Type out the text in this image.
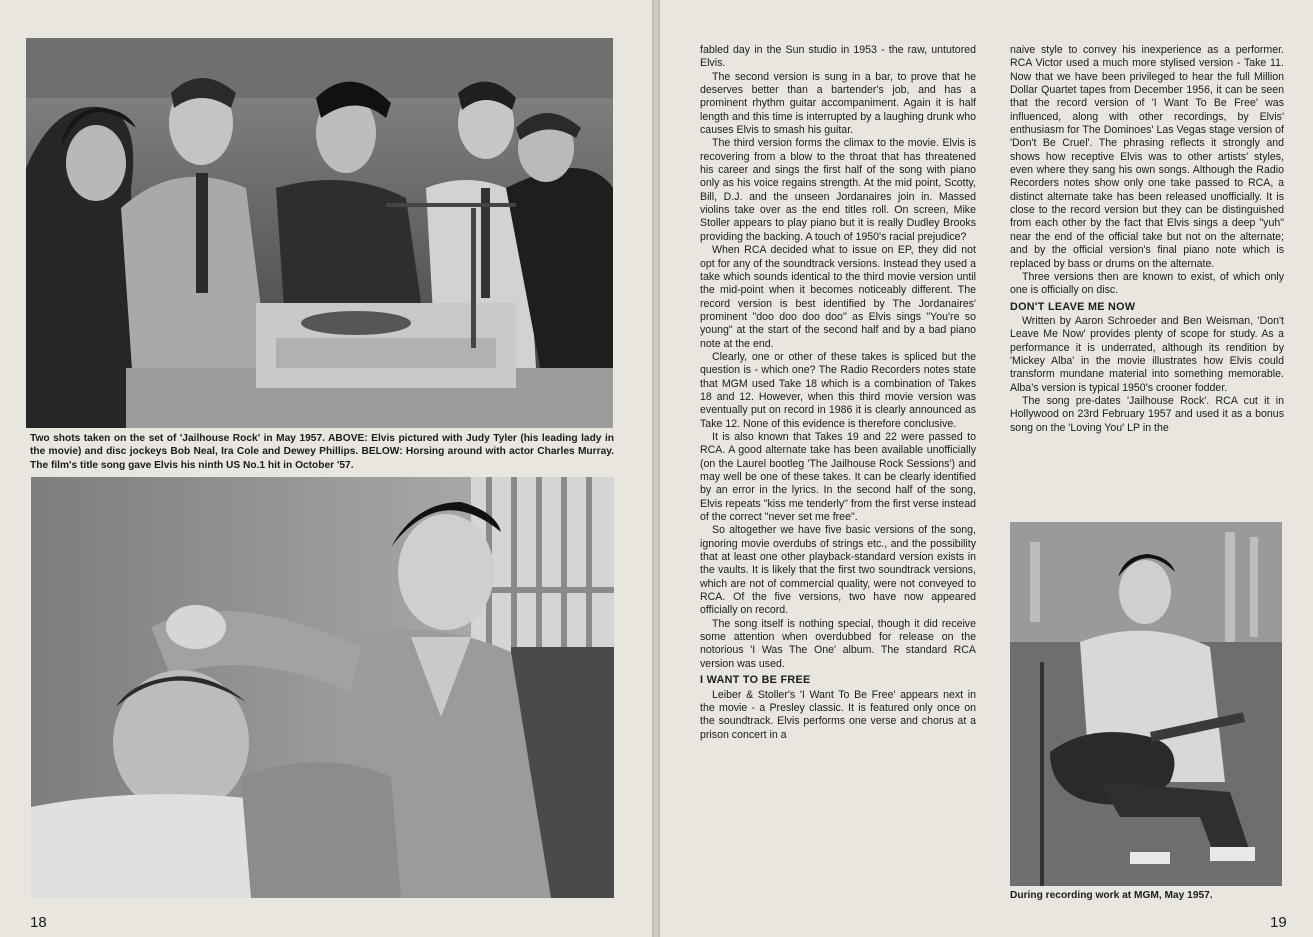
Two shots taken on the set of 'Jailhouse Rock' in May 1957. ABOVE: Elvis pictured with Judy Tyler (his leading lady in the movie) and disc jockeys Bob Neal, Ira Cole and Dewey Phillips. BELOW: Horsing around with actor Charles Murray. The film's title song gave Elvis his ninth US No.1 hit in October '57.
18

fabled day in the Sun studio in 1953 - the raw, untutored Elvis.

The second version is sung in a bar, to prove that he deserves better than a bartender's job, and has a prominent rhythm guitar accompaniment. Again it is half length and this time is interrupted by a laughing drunk who causes Elvis to smash his guitar.

The third version forms the climax to the movie. Elvis is recovering from a blow to the throat that has threatened his career and sings the first half of the song with piano only as his voice regains strength. At the mid point, Scotty, Bill, D.J. and the unseen Jordanaires join in. Massed violins take over as the end titles roll. On screen, Mike Stoller appears to play piano but it is really Dudley Brooks providing the backing. A touch of 1950's racial prejudice?

When RCA decided what to issue on EP, they did not opt for any of the soundtrack versions. Instead they used a take which sounds identical to the third movie version until the mid-point when it becomes noticeably different. The record version is best identified by The Jordanaires' prominent "doo doo doo doo" as Elvis sings "You're so young" at the start of the second half and by a bad piano note at the end.

Clearly, one or other of these takes is spliced but the question is - which one? The Radio Recorders notes state that MGM used Take 18 which is a combination of Takes 18 and 12. However, when this third movie version was eventually put on record in 1986 it is clearly announced as Take 12. None of this evidence is therefore conclusive.

It is also known that Takes 19 and 22 were passed to RCA. A good alternate take has been available unofficially (on the Laurel bootleg 'The Jailhouse Rock Sessions') and may well be one of these takes. It can be clearly identified by an error in the lyrics. In the second half of the song, Elvis repeats "kiss me tenderly" from the first verse instead of the correct "never set me free".

So altogether we have five basic versions of the song, ignoring movie overdubs of strings etc., and the possibility that at least one other playback-standard version exists in the vaults. It is likely that the first two soundtrack versions, which are not of commercial quality, were not conveyed to RCA. Of the five versions, two have now appeared officially on record.

The song itself is nothing special, though it did receive some attention when overdubbed for release on the notorious 'I Was The One' album. The standard RCA version was used.

I WANT TO BE FREE

Leiber & Stoller's 'I Want To Be Free' appears next in the movie - a Presley classic. It is featured only once on the soundtrack. Elvis performs one verse and chorus at a prison concert in a

naive style to convey his inexperience as a performer. RCA Victor used a much more stylised version - Take 11. Now that we have been privileged to hear the full Million Dollar Quartet tapes from December 1956, it can be seen that the record version of 'I Want To Be Free' was influenced, along with other recordings, by Elvis' enthusiasm for The Dominoes' Las Vegas stage version of 'Don't Be Cruel'. The phrasing reflects it strongly and shows how receptive Elvis was to other artists' styles, even where they sang his own songs. Although the Radio Recorders notes show only one take passed to RCA, a distinct alternate take has been released unofficially. It is close to the record version but they can be distinguished from each other by the fact that Elvis sings a deep "yuh" near the end of the official take but not on the alternate; and by the official version's final piano note which is replaced by bass or drums on the alternate.

Three versions then are known to exist, of which only one is officially on disc.

DON'T LEAVE ME NOW

Written by Aaron Schroeder and Ben Weisman, 'Don't Leave Me Now' provides plenty of scope for study. As a performance it is underrated, although its rendition by 'Mickey Alba' in the movie illustrates how Elvis could transform mundane material into something memorable. Alba's version is typical 1950's crooner fodder.

The song pre-dates 'Jailhouse Rock'. RCA cut it in Hollywood on 23rd February 1957 and used it as a bonus song on the 'Loving You' LP in the

During recording work at MGM, May 1957.
19
